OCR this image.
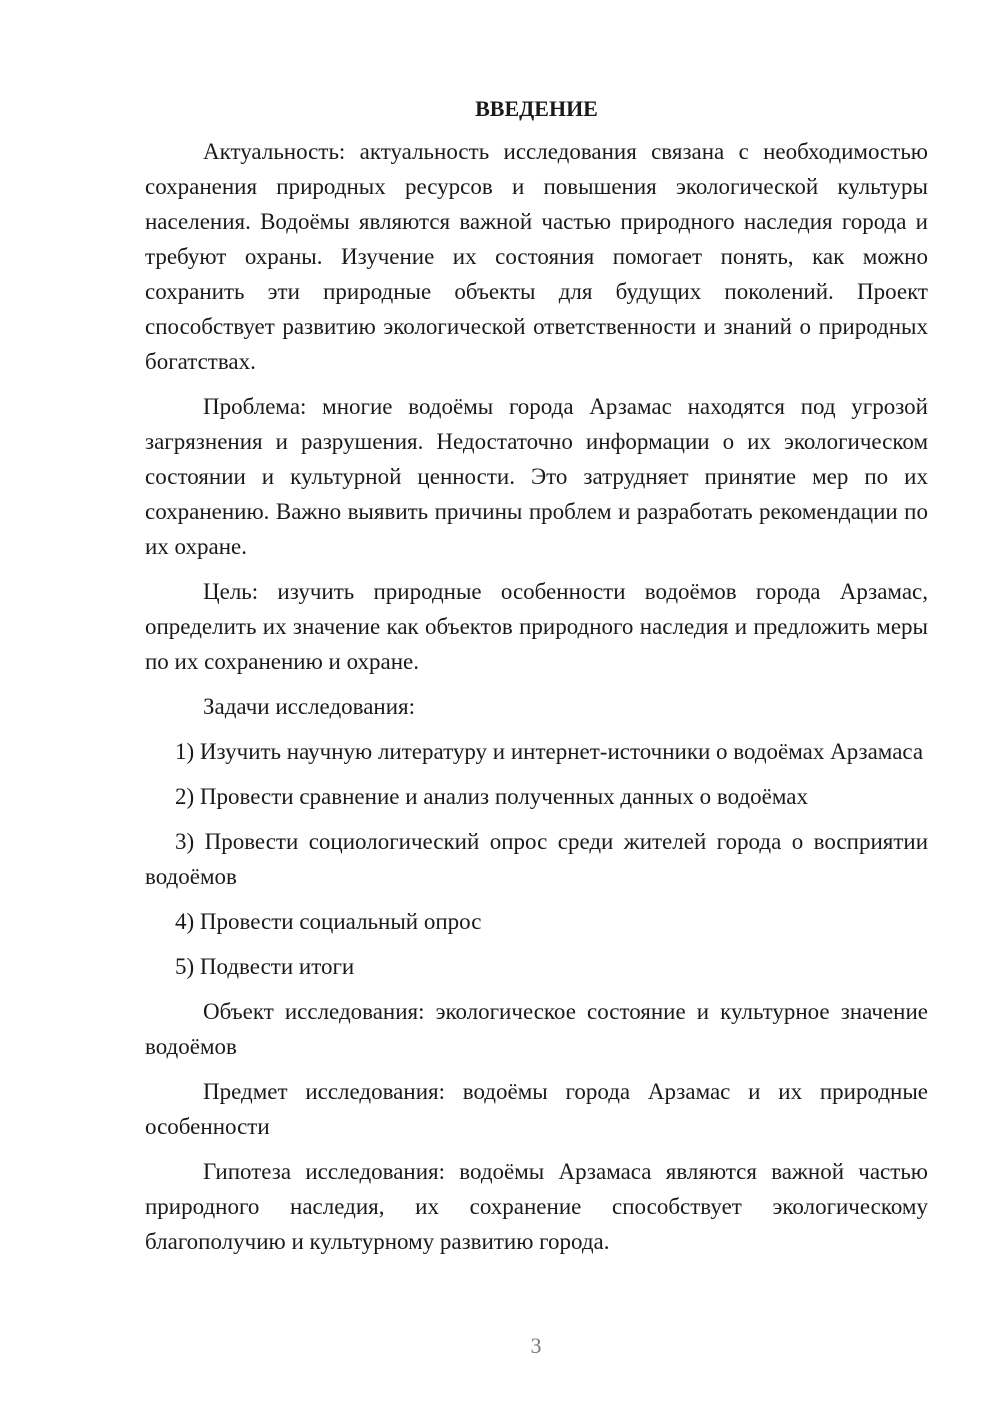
ВВЕДЕНИЕ

Актуальность: актуальность исследования связана с необходимостью сохранения природных ресурсов и повышения экологической культуры населения. Водоёмы являются важной частью природного наследия города и требуют охраны. Изучение их состояния помогает понять, как можно сохранить эти природные объекты для будущих поколений. Проект способствует развитию экологической ответственности и знаний о природных богатствах.

Проблема: многие водоёмы города Арзамас находятся под угрозой загрязнения и разрушения. Недостаточно информации о их экологическом состоянии и культурной ценности. Это затрудняет принятие мер по их сохранению. Важно выявить причины проблем и разработать рекомендации по их охране.

Цель: изучить природные особенности водоёмов города Арзамас, определить их значение как объектов природного наследия и предложить меры по их сохранению и охране.

Задачи исследования:

1) Изучить научную литературу и интернет-источники о водоёмах Арзамаса

2) Провести сравнение и анализ полученных данных о водоёмах

3) Провести социологический опрос среди жителей города о восприятии водоёмов

4) Провести социальный опрос

5) Подвести итоги

Объект исследования: экологическое состояние и культурное значение водоёмов

Предмет исследования: водоёмы города Арзамас и их природные особенности

Гипотеза исследования: водоёмы Арзамаса являются важной частью природного наследия, их сохранение способствует экологическому благополучию и культурному развитию города.

3
